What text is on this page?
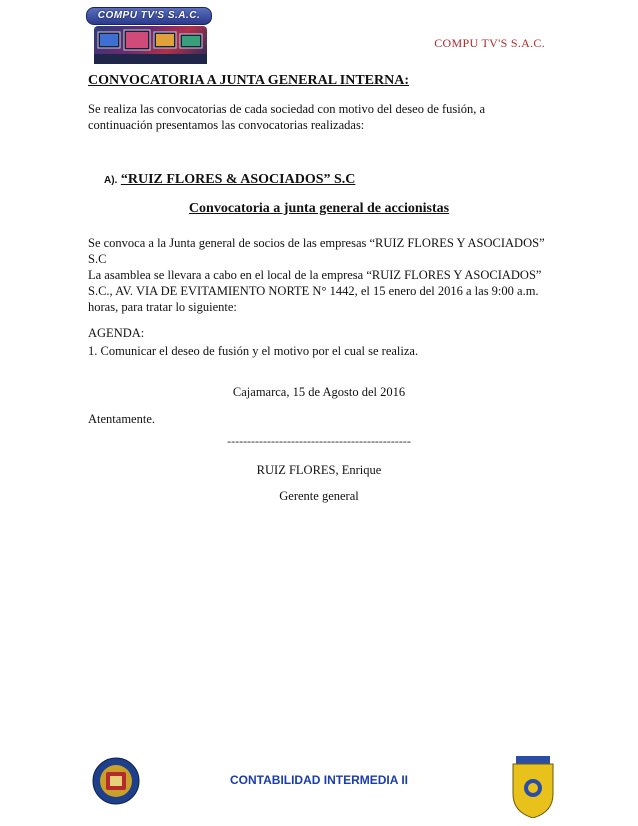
COMPU TV'S S.A.C.
COMPU TV'S S.A.C.
CONVOCATORIA A JUNTA GENERAL INTERNA:
Se realiza las convocatorias de cada sociedad con motivo del deseo de fusión, a continuación presentamos las convocatorias realizadas:
A). “RUIZ FLORES & ASOCIADOS” S.C
Convocatoria a junta general de accionistas
Se convoca a la Junta general de socios de las empresas “RUIZ FLORES Y ASOCIADOS” S.C
La asamblea se llevara a cabo en el local de la empresa “RUIZ FLORES Y ASOCIADOS” S.C., AV. VIA DE EVITAMIENTO NORTE N° 1442, el 15 enero del 2016 a las 9:00 a.m. horas, para tratar lo siguiente:
AGENDA:
1. Comunicar el deseo de fusión y el motivo por el cual se realiza.
Cajamarca, 15 de Agosto del 2016
Atentamente.
----------------------------------------------
RUIZ FLORES, Enrique
Gerente general
CONTABILIDAD INTERMEDIA II
